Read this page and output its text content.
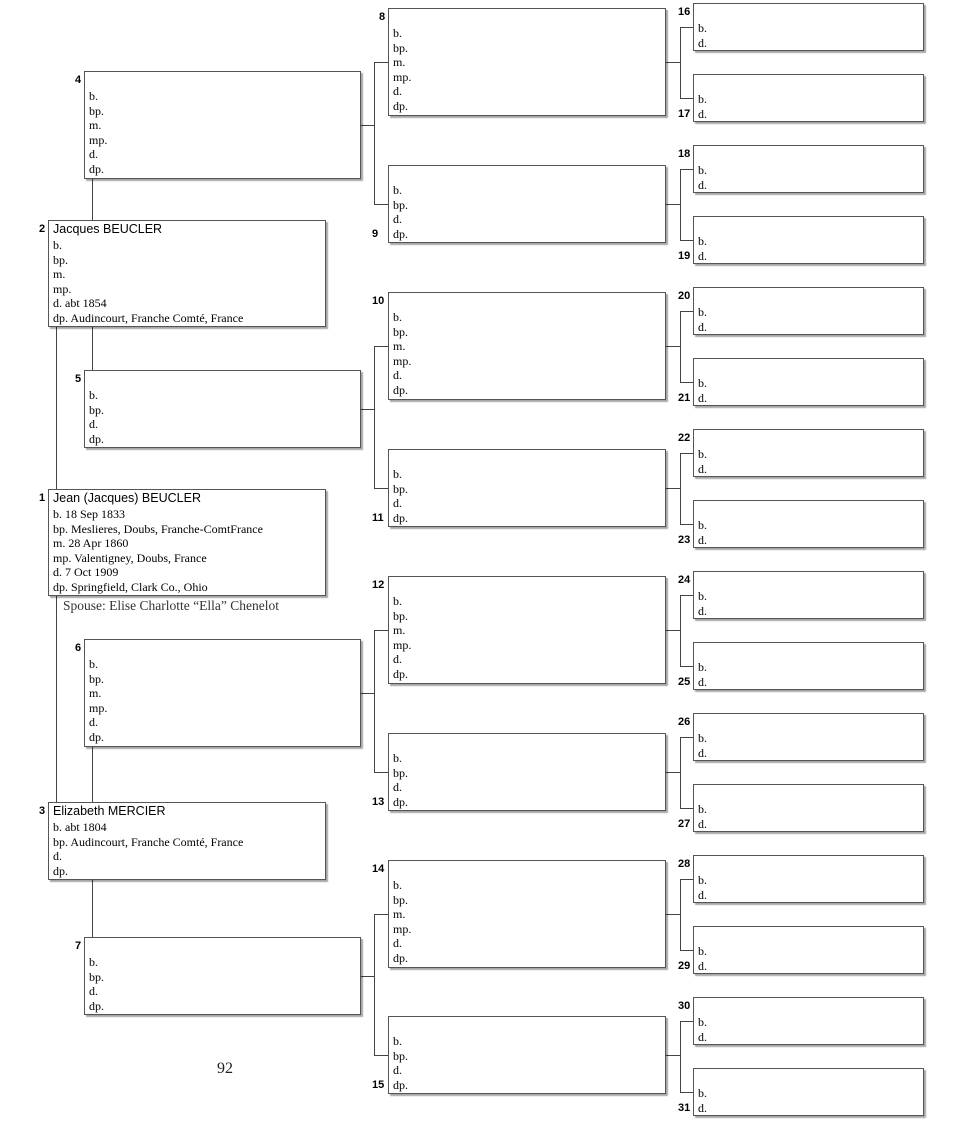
1 Jean (Jacques) BEUCLER
b. 18 Sep 1833
bp. Meslieres, Doubs, Franche-ComtFrance
m. 28 Apr 1860
mp. Valentigney, Doubs, France
d. 7 Oct 1909
dp. Springfield, Clark Co., Ohio
2 Jacques BEUCLER
b.
bp.
m.
mp.
d. abt 1854
dp. Audincourt, Franche Comté, France
3 Elizabeth MERCIER
b. abt 1804
bp. Audincourt, Franche Comté, France
d.
dp.
4
b.
bp.
m.
mp.
d.
dp.
5
b.
bp.
d.
dp.
6
b.
bp.
m.
mp.
d.
dp.
7
b.
bp.
d.
dp.
8
b.
bp.
m.
mp.
d.
dp.
9
b.
bp.
d.
dp.
10
b.
bp.
m.
mp.
d.
dp.
11
b.
bp.
d.
dp.
12
b.
bp.
m.
mp.
d.
dp.
13
b.
bp.
d.
dp.
14
b.
bp.
m.
mp.
d.
dp.
15
b.
bp.
d.
dp.
16
b.
d.
17
b.
d.
18
b.
d.
19
b.
d.
20
b.
d.
21
b.
d.
22
b.
d.
23
b.
d.
24
b.
d.
25
b.
d.
26
b.
d.
27
b.
d.
28
b.
d.
29
b.
d.
30
b.
d.
31
b.
d.
Spouse: Elise Charlotte “Ella” Chenelot
92
